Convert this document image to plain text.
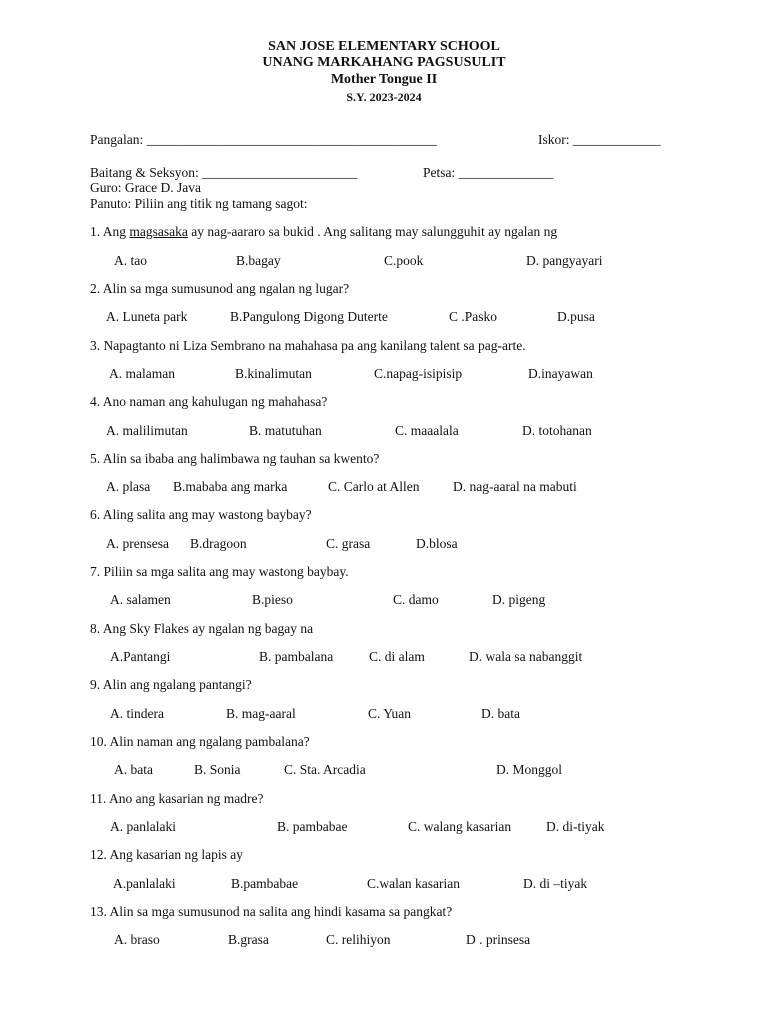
SAN JOSE ELEMENTARY SCHOOL
UNANG MARKAHANG PAGSUSULIT
Mother Tongue II
S.Y. 2023-2024
Pangalan: ___________________________________________	Iskor: _____________
Baitang & Seksyon: _______________________	Petsa: ______________
Guro: Grace D. Java
Panuto: Piliin ang titik ng tamang sagot:
1. Ang magsasaka ay nag-aararo sa bukid . Ang salitang may salungguhit ay ngalan ng
A. tao	B.bagay	C.pook	D. pangyayari
2. Alin sa mga sumusunod ang ngalan ng lugar?
A. Luneta park	B.Pangulong Digong Duterte	C .Pasko	D.pusa
3. Napagtanto ni Liza Sembrano na mahahasa pa ang kanilang talent sa pag-arte.
A. malaman	B.kinalimutan	C.napag-isipisip	D.inayawan
4. Ano naman ang kahulugan ng mahahasa?
A. malilimutan	B. matutuhan	C. maaalala	D. totohanan
5. Alin sa ibaba ang halimbawa ng tauhan sa kwento?
A. plasa B.mababa ang marka	C. Carlo at Allen D. nag-aaral na mabuti
6. Aling salita ang may wastong baybay?
A. prensesa B.dragoon	C. grasa	D.blosa
7. Piliin sa mga salita ang may wastong baybay.
A. salamen	B.pieso	C. damo	D. pigeng
8. Ang Sky Flakes ay ngalan ng bagay na
A.Pantangi	B. pambalana	C. di alam	D. wala sa nabanggit
9. Alin ang ngalang pantangi?
A. tindera	B. mag-aaral	C. Yuan	D. bata
10. Alin naman ang ngalang pambalana?
A. bata	B. Sonia	C. Sta. Arcadia	D. Monggol
11. Ano ang kasarian ng madre?
A. panlalaki	B. pambabae	C. walang kasarian	D. di-tiyak
12. Ang kasarian ng lapis ay
A.panlalaki	B.pambabae	C.walan kasarian	D. di –tiyak
13. Alin sa mga sumusunod na salita ang hindi kasama sa pangkat?
A. braso	B.grasa	C. relihiyon	D . prinsesa
